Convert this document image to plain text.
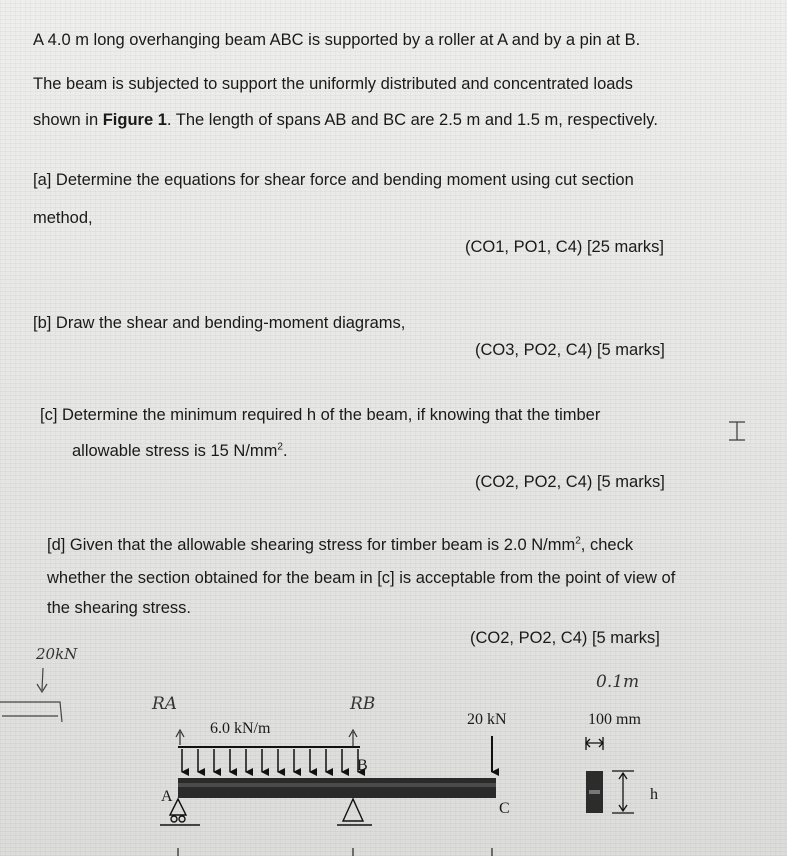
A 4.0 m long overhanging beam ABC is supported by a roller at A and by a pin at B.
The beam is subjected to support the uniformly distributed and concentrated loads
shown in Figure 1. The length of spans AB and BC are 2.5 m and 1.5 m, respectively.
[a] Determine the equations for shear force and bending moment using cut section
method,
(CO1, PO1, C4) [25 marks]
[b] Draw the shear and bending-moment diagrams,
(CO3, PO2, C4) [5 marks]
[c] Determine the minimum required h of the beam, if knowing that the timber
allowable stress is 15 $N/mm^2$.
(CO2, PO2, C4) [5 marks]
[d] Given that the allowable shearing stress for timber beam is 2.0 $N/mm^2$, check
whether the section obtained for the beam in [c] is acceptable from the point of view of
the shearing stress.
(CO2, PO2, C4) [5 marks]
20kN
RA	RB
0.1m
6.0 kN/m
20 kN	100 mm
h
A
B
C
